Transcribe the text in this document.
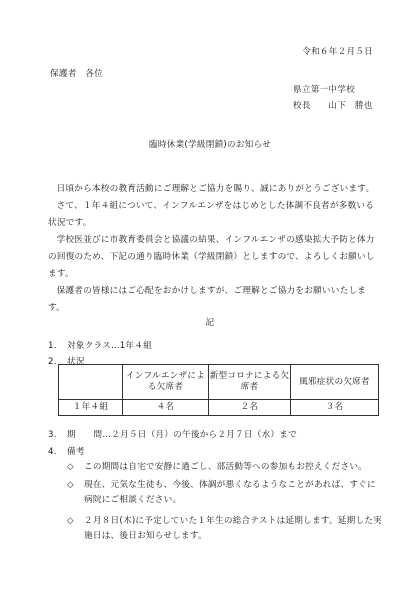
令和６年２月５日
保護者　各位
県立第一中学校
校長　　山下　勝也
臨時休業(学級閉鎖)のお知らせ
日頃から本校の教育活動にご理解とご協力を賜り、誠にありがとうございます。
さて、１年４組について、インフルエンザをはじめとした体調不良者が多数いる状況です。
学校医並びに市教育委員会と協議の結果、インフルエンザの感染拡大予防と体力の回復のため、下記の通り臨時休業（学級閉鎖）としますので、よろしくお願いします。
保護者の皆様にはご心配をおかけしますが、ご理解とご協力をお願いいたします。
記
1. 対象クラス…1年４組
2. 状況
	インフルエンザによる欠席者	新型コロナによる欠席者	風邪症状の欠席者
１年４組	４名	２名	３名
3. 期　　間…２月５日（月）の午後から２月７日（水）まで
4. 備考
◇ この期間は自宅で安静に過ごし、部活動等への参加もお控えください。
◇ 現在、元気な生徒も、今後、体調が悪くなるようなことがあれば、すぐに病院にご相談ください。
◇ ２月８日(木)に予定していた１年生の総合テストは延期します。延期した実施日は、後日お知らせします。
